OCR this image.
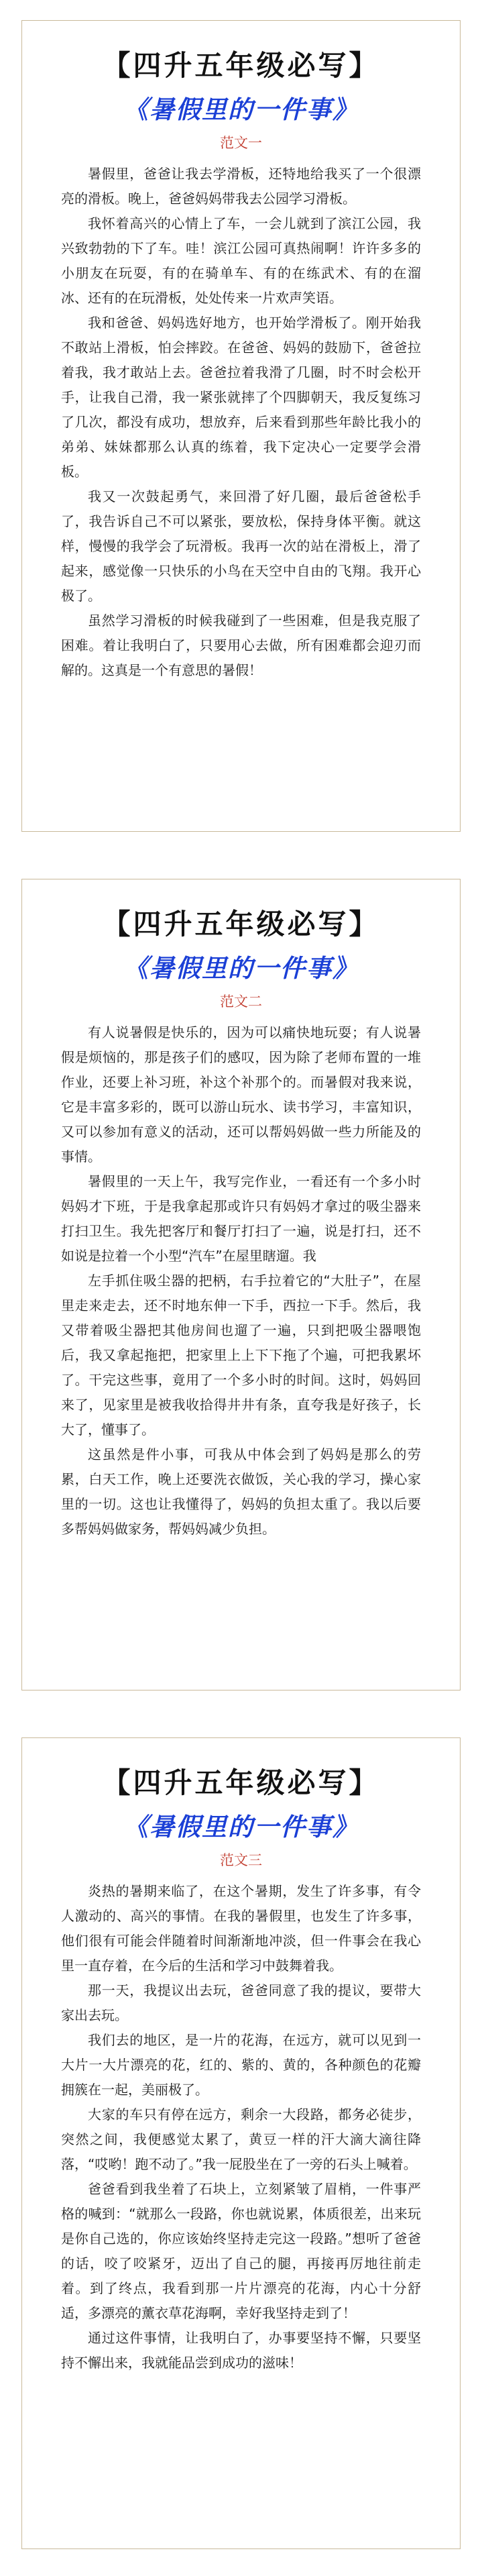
【四升五年级必写】
《暑假里的一件事》
范文一

暑假里，爸爸让我去学滑板，还特地给我买了一个很漂亮的滑板。晚上，爸爸妈妈带我去公园学习滑板。

我怀着高兴的心情上了车，一会儿就到了滨江公园，我兴致勃勃的下了车。哇！滨江公园可真热闹啊！许许多多的小朋友在玩耍，有的在骑单车、有的在练武术、有的在溜冰、还有的在玩滑板，处处传来一片欢声笑语。

我和爸爸、妈妈选好地方，也开始学滑板了。刚开始我不敢站上滑板，怕会摔跤。在爸爸、妈妈的鼓励下，爸爸拉着我，我才敢站上去。爸爸拉着我滑了几圈，时不时会松开手，让我自己滑，我一紧张就摔了个四脚朝天，我反复练习了几次，都没有成功，想放弃，后来看到那些年龄比我小的弟弟、妹妹都那么认真的练着，我下定决心一定要学会滑板。

我又一次鼓起勇气，来回滑了好几圈，最后爸爸松手了，我告诉自己不可以紧张，要放松，保持身体平衡。就这样，慢慢的我学会了玩滑板。我再一次的站在滑板上，滑了起来，感觉像一只快乐的小鸟在天空中自由的飞翔。我开心极了。

虽然学习滑板的时候我碰到了一些困难，但是我克服了困难。着让我明白了，只要用心去做，所有困难都会迎刃而解的。这真是一个有意思的暑假！

【四升五年级必写】
《暑假里的一件事》
范文二

有人说暑假是快乐的，因为可以痛快地玩耍；有人说暑假是烦恼的，那是孩子们的感叹，因为除了老师布置的一堆作业，还要上补习班，补这个补那个的。而暑假对我来说，它是丰富多彩的，既可以游山玩水、读书学习，丰富知识，又可以参加有意义的活动，还可以帮妈妈做一些力所能及的事情。

暑假里的一天上午，我写完作业，一看还有一个多小时妈妈才下班，于是我拿起那或许只有妈妈才拿过的吸尘器来打扫卫生。我先把客厅和餐厅打扫了一遍，说是打扫，还不如说是拉着一个小型“汽车”在屋里瞎遛。我

左手抓住吸尘器的把柄，右手拉着它的“大肚子”，在屋里走来走去，还不时地东伸一下手，西拉一下手。然后，我又带着吸尘器把其他房间也遛了一遍，只到把吸尘器喂饱后，我又拿起拖把，把家里上上下下拖了个遍，可把我累坏了。干完这些事，竟用了一个多小时的时间。这时，妈妈回来了，见家里是被我收拾得井井有条，直夸我是好孩子，长大了，懂事了。

这虽然是件小事，可我从中体会到了妈妈是那么的劳累，白天工作，晚上还要洗衣做饭，关心我的学习，操心家里的一切。这也让我懂得了，妈妈的负担太重了。我以后要多帮妈妈做家务，帮妈妈减少负担。

【四升五年级必写】
《暑假里的一件事》
范文三

炎热的暑期来临了，在这个暑期，发生了许多事，有令人激动的、高兴的事情。在我的暑假里，也发生了许多事，他们很有可能会伴随着时间渐渐地冲淡，但一件事会在我心里一直存着，在今后的生活和学习中鼓舞着我。

那一天，我提议出去玩，爸爸同意了我的提议，要带大家出去玩。

我们去的地区，是一片的花海，在远方，就可以见到一大片一大片漂亮的花，红的、紫的、黄的，各种颜色的花瓣拥簇在一起，美丽极了。

大家的车只有停在远方，剩余一大段路，都务必徒步，突然之间，我便感觉太累了，黄豆一样的汗大滴大滴往降落，“哎哟！跑不动了。”我一屁股坐在了一旁的石头上喊着。

爸爸看到我坐着了石块上，立刻紧皱了眉梢，一件事严格的喊到：“就那么一段路，你也就说累，体质很差，出来玩是你自己选的，你应该始终坚持走完这一段路。”想听了爸爸的话，咬了咬紧牙，迈出了自己的腿，再接再厉地往前走着。到了终点，我看到那一片片漂亮的花海，内心十分舒适，多漂亮的薰衣草花海啊，幸好我坚持走到了！

通过这件事情，让我明白了，办事要坚持不懈，只要坚持不懈出来，我就能品尝到成功的滋味！
